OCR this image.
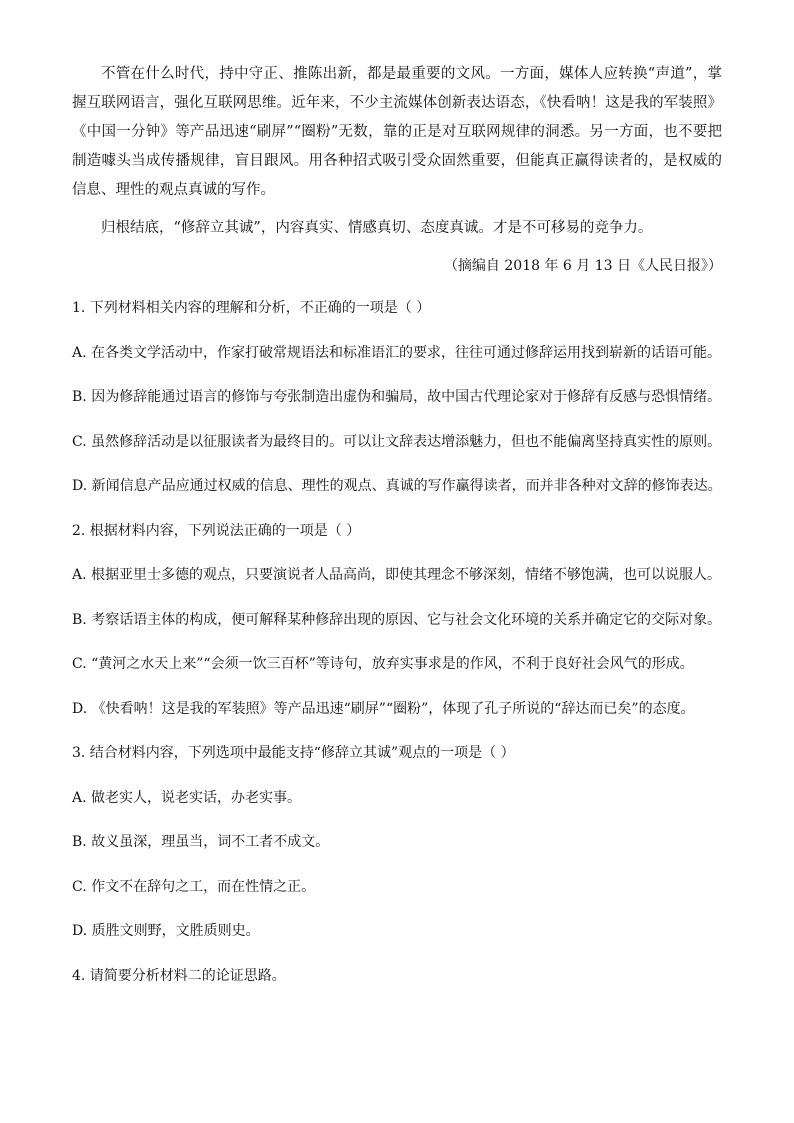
不管在什么时代，持中守正、推陈出新，都是最重要的文风。一方面，媒体人应转换“声道”，掌握互联网语言，强化互联网思维。近年来，不少主流媒体创新表达语态，《快看呐！这是我的军装照》《中国一分钟》等产品迅速“刷屏”“圈粉”无数，靠的正是对互联网规律的洞悉。另一方面，也不要把制造噱头当成传播规律，盲目跟风。用各种招式吸引受众固然重要，但能真正赢得读者的，是权威的信息、理性的观点真诚的写作。

归根结底，“修辞立其诚”，内容真实、情感真切、态度真诚。才是不可移易的竞争力。

（摘编自 2018 年 6 月 13 日《人民日报》）

1. 下列材料相关内容的理解和分析，不正确的一项是（ ）

A. 在各类文学活动中，作家打破常规语法和标准语汇的要求，往往可通过修辞运用找到崭新的话语可能。

B. 因为修辞能通过语言的修饰与夸张制造出虚伪和骗局，故中国古代理论家对于修辞有反感与恐惧情绪。

C. 虽然修辞活动是以征服读者为最终目的。可以让文辞表达增添魅力，但也不能偏离坚持真实性的原则。

D. 新闻信息产品应通过权威的信息、理性的观点、真诚的写作赢得读者，而并非各种对文辞的修饰表达。

2. 根据材料内容，下列说法正确的一项是（ ）

A. 根据亚里士多德的观点，只要演说者人品高尚，即使其理念不够深刻，情绪不够饱满，也可以说服人。

B. 考察话语主体的构成，便可解释某种修辞出现的原因、它与社会文化环境的关系并确定它的交际对象。

C. “黄河之水天上来”“会须一饮三百杯”等诗句，放弃实事求是的作风，不利于良好社会风气的形成。

D. 《快看呐！这是我的军装照》等产品迅速“刷屏”“圈粉”，体现了孔子所说的“辞达而已矣”的态度。

3. 结合材料内容，下列选项中最能支持“修辞立其诚”观点的一项是（ ）

A. 做老实人，说老实话，办老实事。

B. 故义虽深，理虽当，词不工者不成文。

C. 作文不在辞句之工，而在性情之正。

D. 质胜文则野，文胜质则史。

4. 请简要分析材料二的论证思路。
